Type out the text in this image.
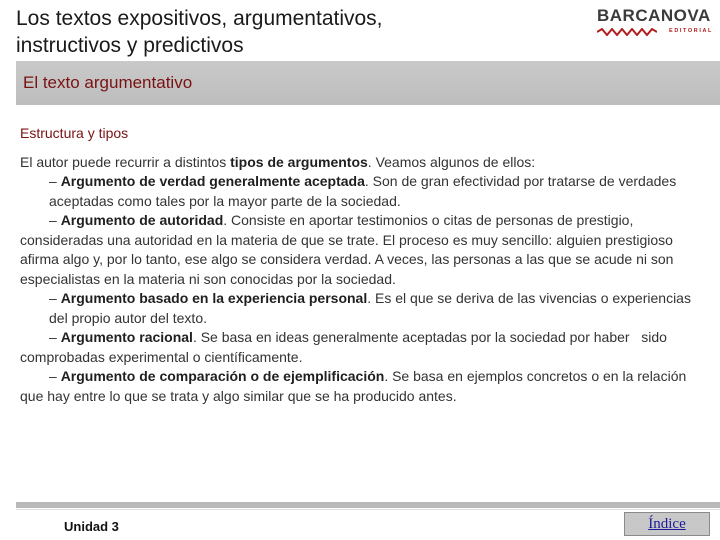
Los textos expositivos, argumentativos,
instructivos y predictivos
BARCANOVA
EDITORIAL
El texto argumentativo
Estructura y tipos

El autor puede recurrir a distintos tipos de argumentos. Veamos algunos de ellos:

– Argumento de verdad generalmente aceptada. Son de gran efectividad por tratarse de verdades aceptadas como tales por la mayor parte de la sociedad.

– Argumento de autoridad. Consiste en aportar testimonios o citas de personas de prestigio, consideradas una autoridad en la materia de que se trate. El proceso es muy sencillo: alguien prestigioso afirma algo y, por lo tanto, ese algo se considera verdad. A veces, las personas a las que se acude ni son especialistas en la materia ni son conocidas por la sociedad.

– Argumento basado en la experiencia personal. Es el que se deriva de las vivencias o experiencias del propio autor del texto.

– Argumento racional. Se basa en ideas generalmente aceptadas por la sociedad por haber   sido comprobadas experimental o científicamente.

– Argumento de comparación o de ejemplificación. Se basa en ejemplos concretos o en la relación que hay entre lo que se trata y algo similar que se ha producido antes.

Unidad 3	Índice
